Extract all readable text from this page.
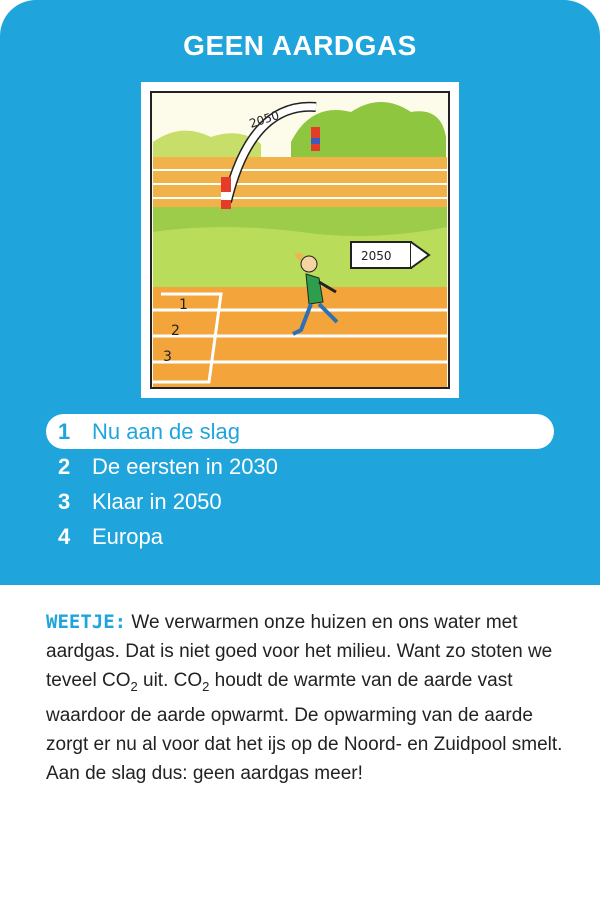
GEEN AARDGAS
1
2
3
2050
2050
1 Nu aan de slag
2 De eersten in 2030
3 Klaar in 2050
4 Europa
WEETJE: We verwarmen onze huizen en ons water met aardgas. Dat is niet goed voor het milieu. Want zo stoten we teveel $CO_2$ uit. $CO_2$ houdt de warmte van de aarde vast waardoor de aarde opwarmt. De opwarming van de aarde zorgt er nu al voor dat het ijs op de Noord- en Zuidpool smelt. Aan de slag dus: geen aardgas meer!
